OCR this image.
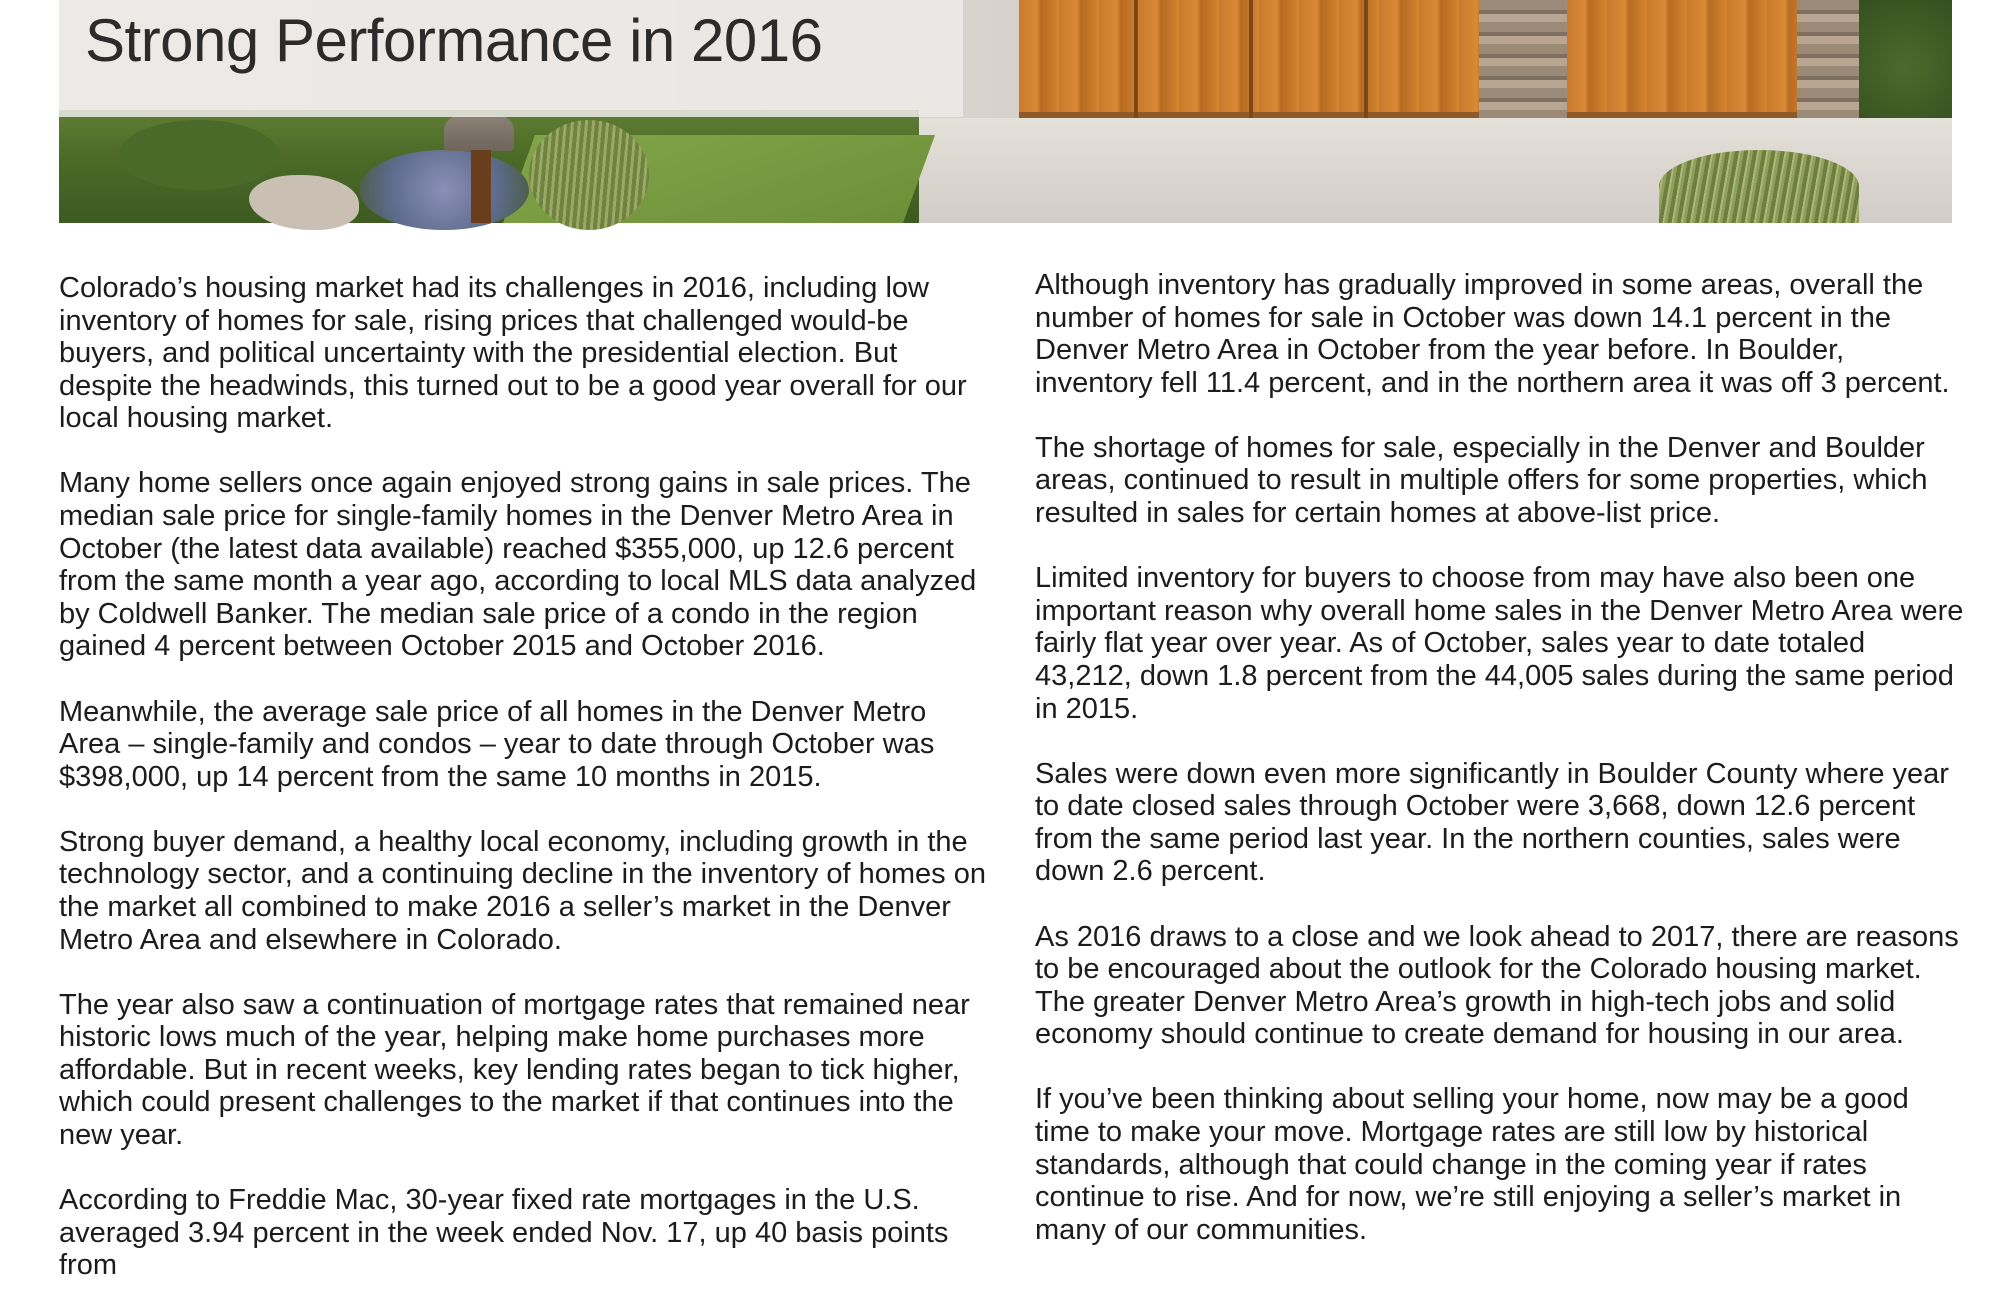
Strong Performance in 2016

Colorado’s housing market had its challenges in 2016, including low inventory of homes for sale, rising prices that challenged would-be buyers, and political uncertainty with the presidential election. But despite the headwinds, this turned out to be a good year overall for our local housing market.

Many home sellers once again enjoyed strong gains in sale prices. The median sale price for single-family homes in the Denver Metro Area in October (the latest data available) reached $355,000, up 12.6 percent from the same month a year ago, according to local MLS data analyzed by Coldwell Banker. The median sale price of a condo in the region gained 4 percent between October 2015 and October 2016.

Meanwhile, the average sale price of all homes in the Denver Metro Area – single-family and condos – year to date through October was $398,000, up 14 percent from the same 10 months in 2015.

Strong buyer demand, a healthy local economy, including growth in the technology sector, and a continuing decline in the inventory of homes on the market all combined to make 2016 a seller’s market in the Denver Metro Area and elsewhere in Colorado.

The year also saw a continuation of mortgage rates that remained near historic lows much of the year, helping make home purchases more affordable. But in recent weeks, key lending rates began to tick higher, which could present challenges to the market if that continues into the new year.

According to Freddie Mac, 30-year fixed rate mortgages in the U.S. averaged 3.94 percent in the week ended Nov. 17, up 40 basis points from

Although inventory has gradually improved in some areas, overall the number of homes for sale in October was down 14.1 percent in the Denver Metro Area in October from the year before. In Boulder, inventory fell 11.4 percent, and in the northern area it was off 3 percent.

The shortage of homes for sale, especially in the Denver and Boulder areas, continued to result in multiple offers for some properties, which resulted in sales for certain homes at above-list price.

Limited inventory for buyers to choose from may have also been one important reason why overall home sales in the Denver Metro Area were fairly flat year over year. As of October, sales year to date totaled 43,212, down 1.8 percent from the 44,005 sales during the same period in 2015.

Sales were down even more significantly in Boulder County where year to date closed sales through October were 3,668, down 12.6 percent from the same period last year. In the northern counties, sales were down 2.6 percent.

As 2016 draws to a close and we look ahead to 2017, there are reasons to be encouraged about the outlook for the Colorado housing market. The greater Denver Metro Area’s growth in high-tech jobs and solid economy should continue to create demand for housing in our area.

If you’ve been thinking about selling your home, now may be a good time to make your move. Mortgage rates are still low by historical standards, although that could change in the coming year if rates continue to rise. And for now, we’re still enjoying a seller’s market in many of our communities.
